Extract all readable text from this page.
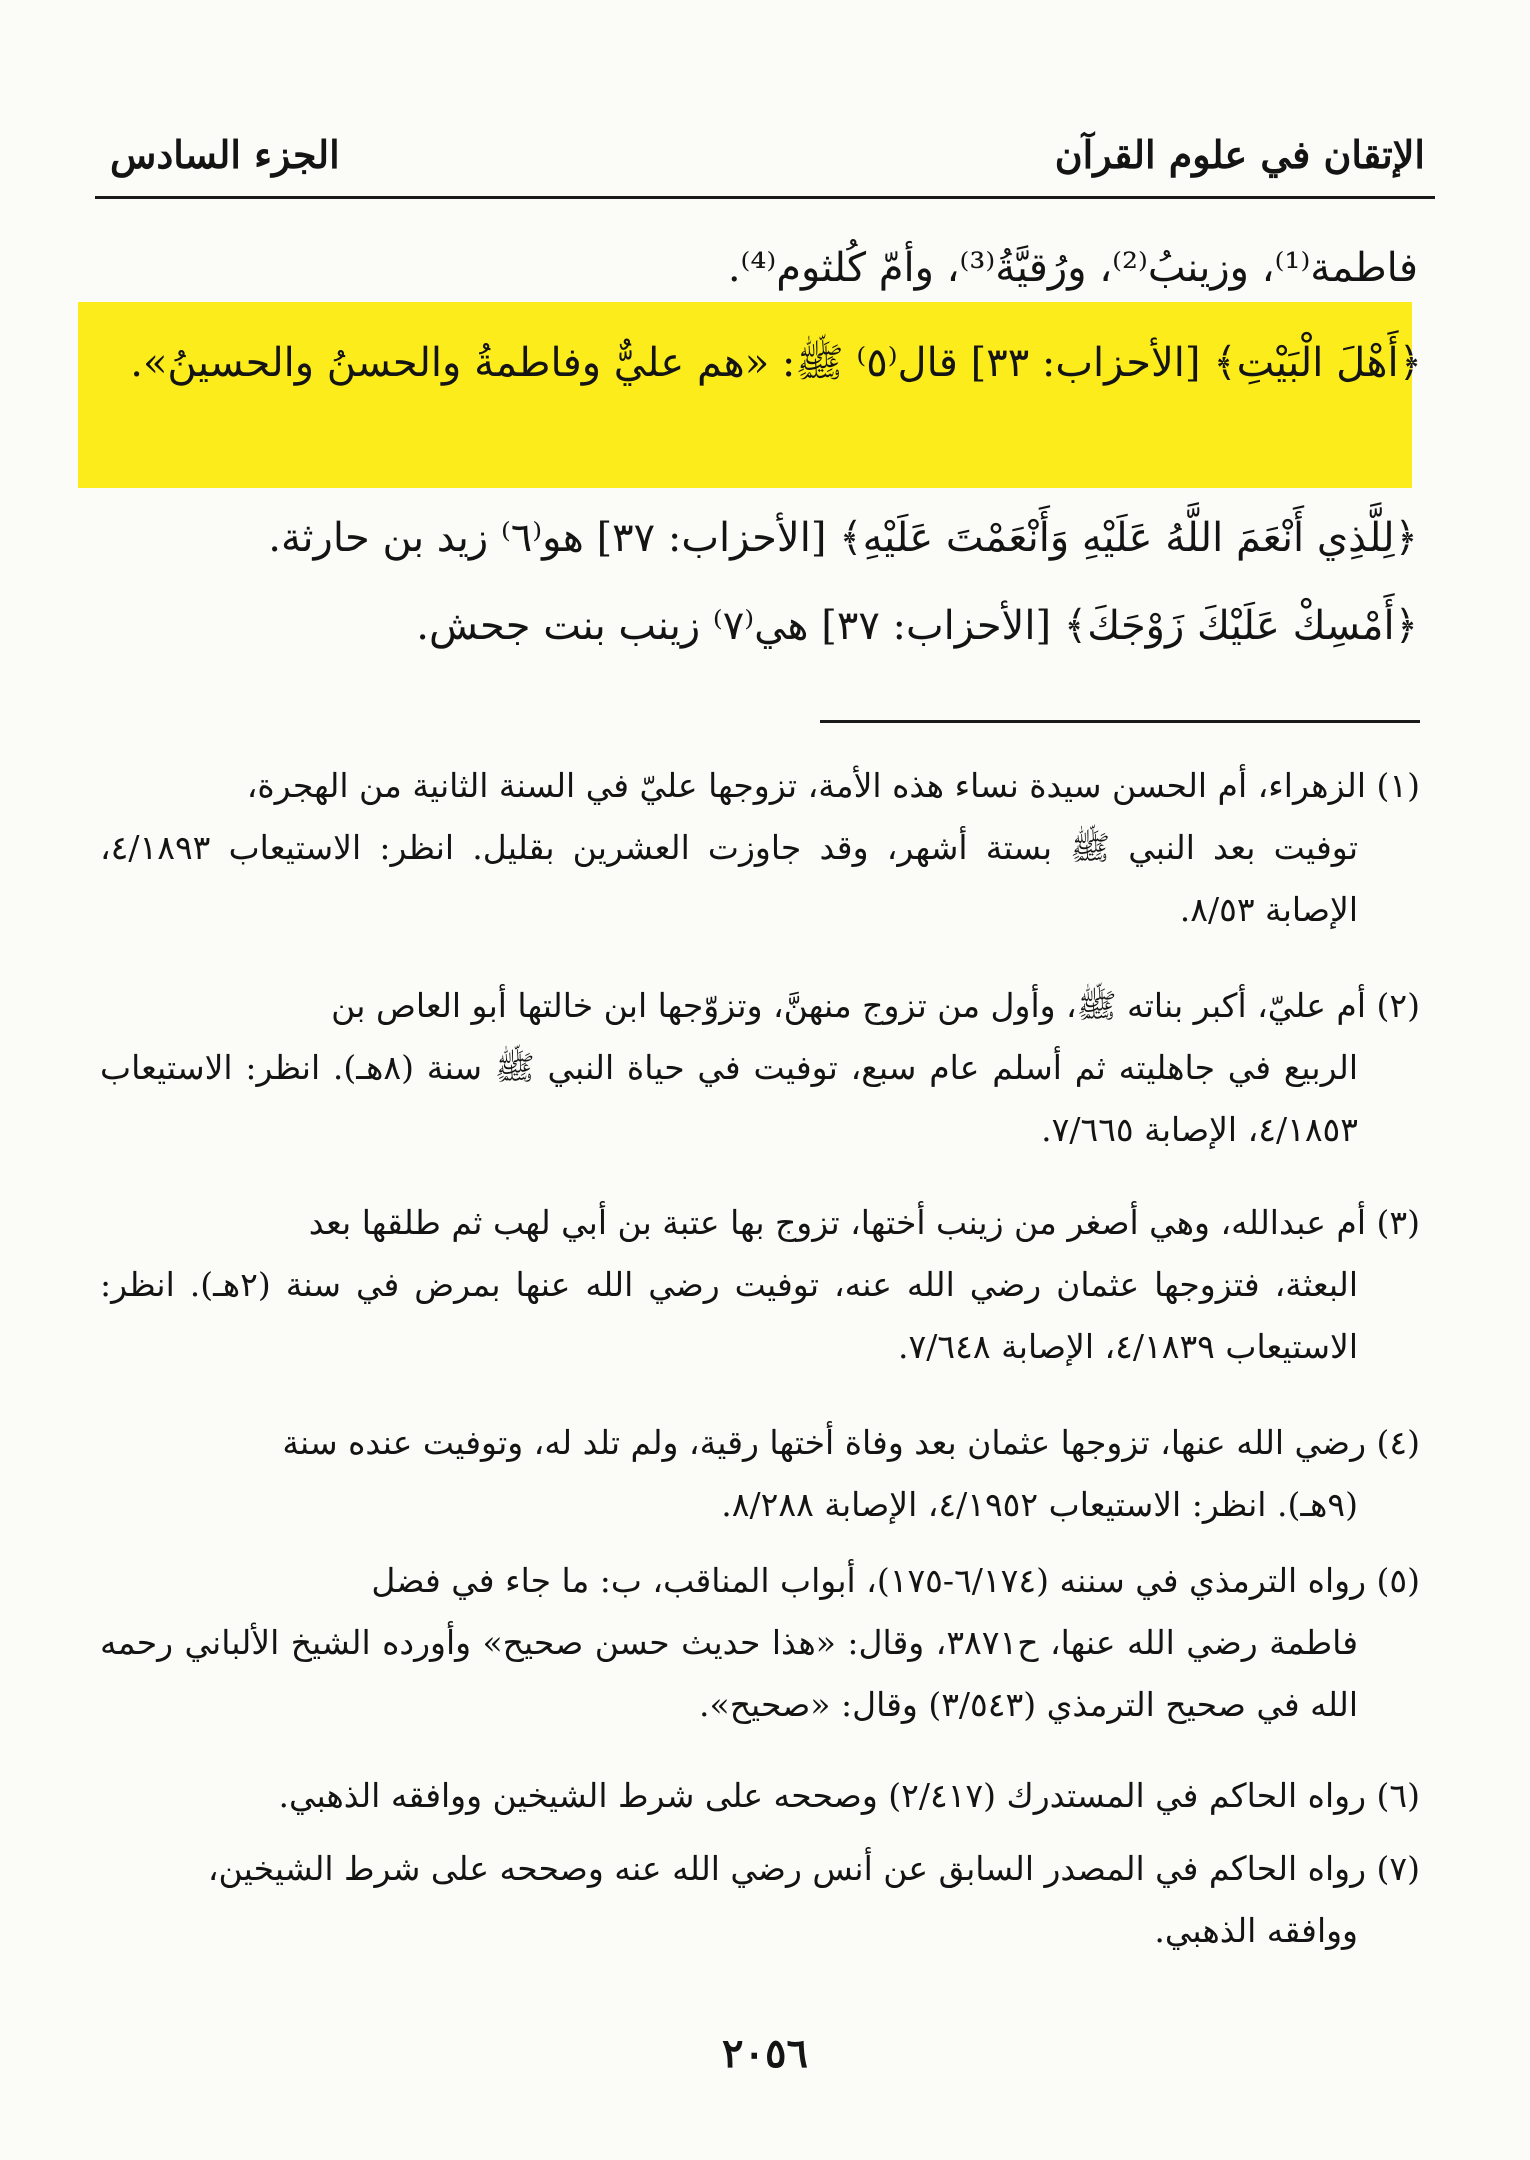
الإتقان في علوم القرآن
الجزء السادس
فاطمة⁽¹⁾، وزينبُ⁽²⁾، ورُقيَّةُ⁽³⁾، وأمّ كُلثوم⁽⁴⁾.
﴿أَهْلَ الْبَيْتِ﴾ [الأحزاب: ٣٣] قال⁽٥⁾ ﷺ: «هم عليٌّ وفاطمةُ والحسنُ والحسينُ».
﴿لِلَّذِي أَنْعَمَ اللَّهُ عَلَيْهِ وَأَنْعَمْتَ عَلَيْهِ﴾ [الأحزاب: ٣٧] هو⁽٦⁾ زيد بن حارثة.
﴿أَمْسِكْ عَلَيْكَ زَوْجَكَ﴾ [الأحزاب: ٣٧] هي⁽٧⁾ زينب بنت جحش.
(١) الزهراء، أم الحسن سيدة نساء هذه الأمة، تزوجها عليّ في السنة الثانية من الهجرة،
توفيت بعد النبي ﷺ بستة أشهر، وقد جاوزت العشرين بقليل. انظر: الاستيعاب ٤/١٨٩٣، الإصابة ٨/٥٣.
(٢) أم عليّ، أكبر بناته ﷺ، وأول من تزوج منهنَّ، وتزوّجها ابن خالتها أبو العاص بن
الربيع في جاهليته ثم أسلم عام سبع، توفيت في حياة النبي ﷺ سنة (٨هـ). انظر: الاستيعاب ٤/١٨٥٣، الإصابة ٧/٦٦٥.
(٣) أم عبدالله، وهي أصغر من زينب أختها، تزوج بها عتبة بن أبي لهب ثم طلقها بعد
البعثة، فتزوجها عثمان رضي الله عنه، توفيت رضي الله عنها بمرض في سنة (٢هـ). انظر: الاستيعاب ٤/١٨٣٩، الإصابة ٧/٦٤٨.
(٤) رضي الله عنها، تزوجها عثمان بعد وفاة أختها رقية، ولم تلد له، وتوفيت عنده سنة
(٩هـ). انظر: الاستيعاب ٤/١٩٥٢، الإصابة ٨/٢٨٨.
(٥) رواه الترمذي في سننه (٦/١٧٤-١٧٥)، أبواب المناقب، ب: ما جاء في فضل
فاطمة رضي الله عنها، ح٣٨٧١، وقال: «هذا حديث حسن صحيح» وأورده الشيخ الألباني رحمه الله في صحيح الترمذي (٣/٥٤٣) وقال: «صحيح».
(٦) رواه الحاكم في المستدرك (٢/٤١٧) وصححه على شرط الشيخين ووافقه الذهبي.
(٧) رواه الحاكم في المصدر السابق عن أنس رضي الله عنه وصححه على شرط الشيخين،
ووافقه الذهبي.
٢٠٥٦
